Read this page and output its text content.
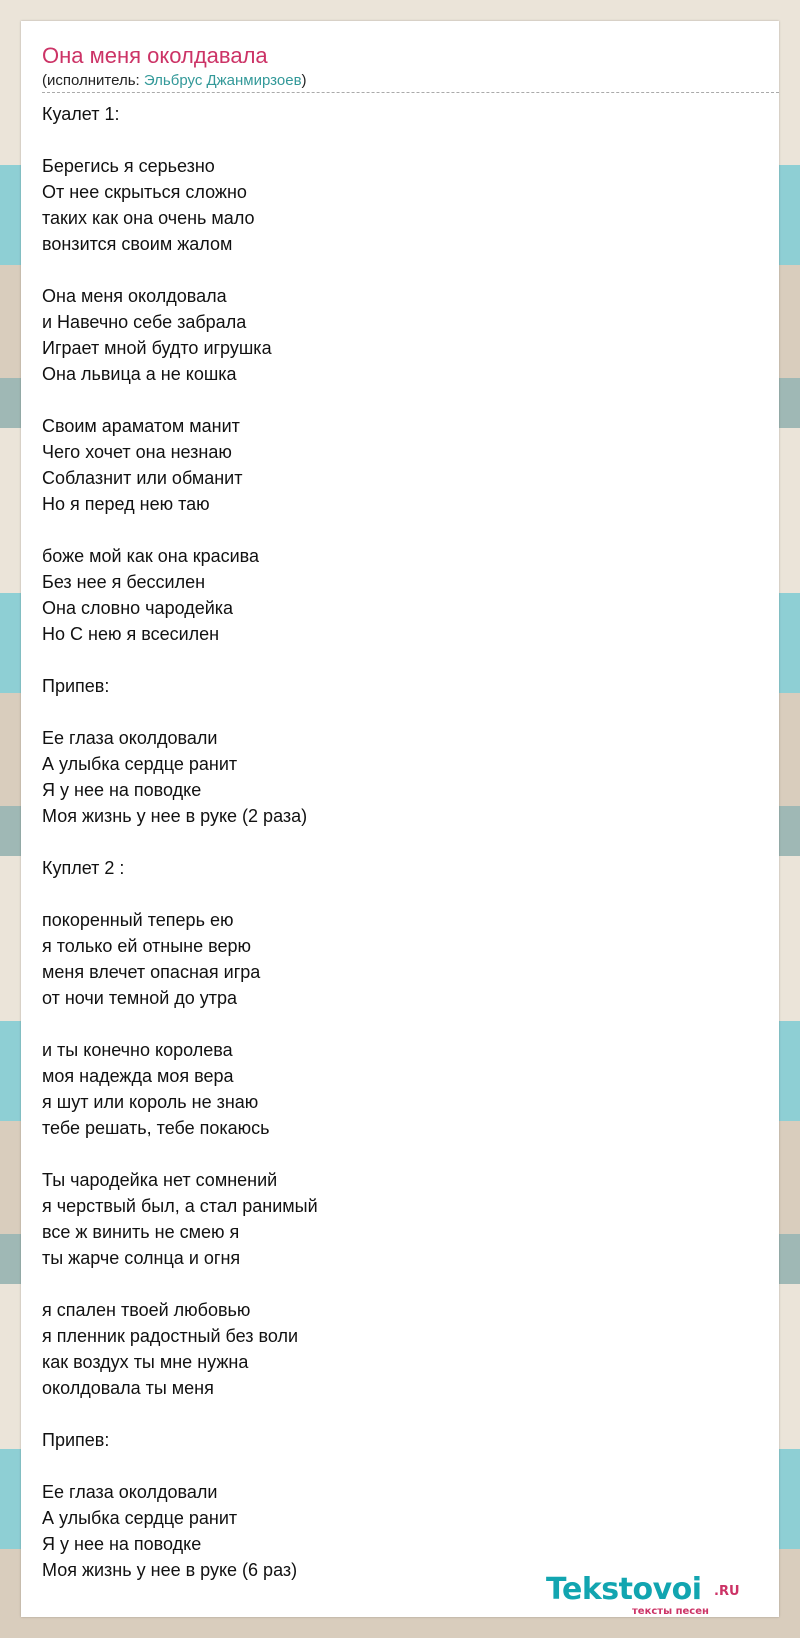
Она меня околдавала
(исполнитель: Эльбрус Джанмирзоев)
Куалет 1:
Берегись я серьезно
От нее скрыться сложно
таких как она очень мало
вонзится своим жалом
Она меня околдовала
и Навечно себе забрала
Играет мной будто игрушка
Она львица а не кошка
Своим араматом манит
Чего хочет она незнаю
Соблазнит или обманит
Но я перед нею таю
боже мой как она красива
Без нее я бессилен
Она словно чародейка
Но С нею я всесилен
Припев:
Ее глаза околдовали
А улыбка сердце ранит
Я у нее на поводке
Моя жизнь у нее в руке (2 раза)
Куплет 2 :
покоренный теперь ею
я только ей отныне верю
меня влечет опасная игра
от ночи темной до утра
и ты конечно королева
моя надежда моя вера
я шут или король не знаю
тебе решать, тебе покаюсь
Ты чародейка нет сомнений
я черствый был, а стал ранимый
все ж винить не смею я
ты жарче солнца и огня
я спален твоей любовью
я пленник радостный без воли
как воздух ты мне нужна
околдовала ты меня
Припев:
Ее глаза околдовали
А улыбка сердце ранит
Я у нее на поводке
Моя жизнь у нее в руке (6 раз)
Tekstovoi .RU
тексты песен
